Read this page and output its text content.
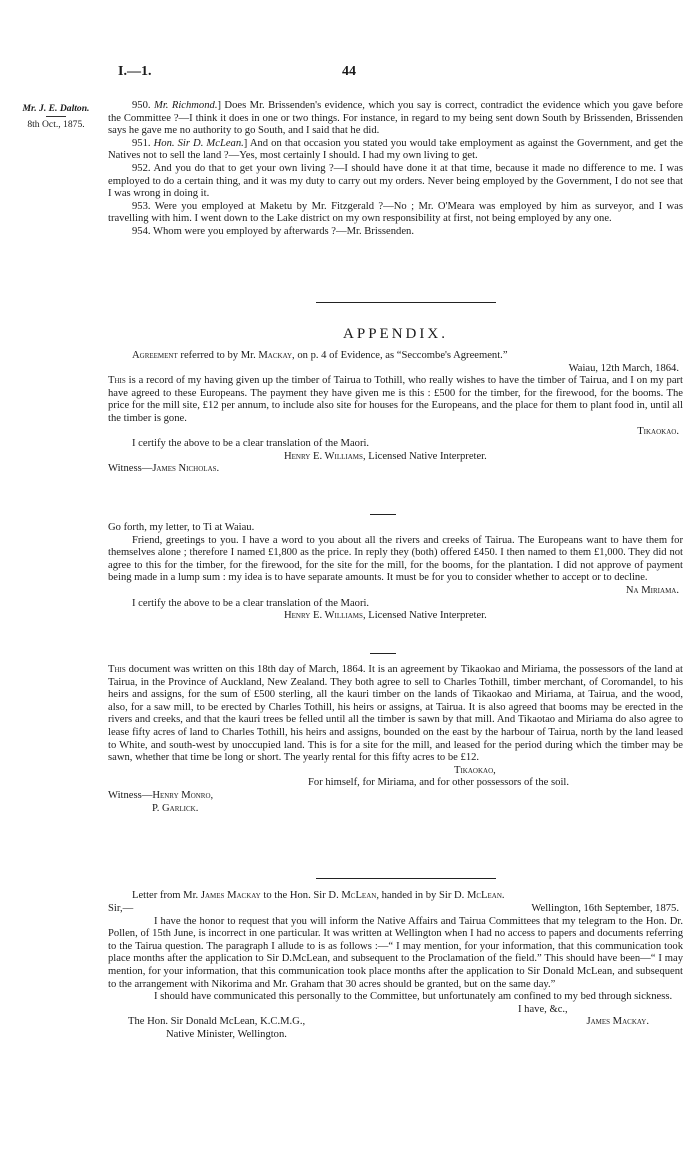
I.—1.	44
Mr. J. E. Dalton.
8th Oct., 1875.

950. Mr. Richmond.] Does Mr. Brissenden's evidence, which you say is correct, contradict the evidence which you gave before the Committee ?—I think it does in one or two things. For instance, in regard to my being sent down South by Brissenden, Brissenden says he gave me no authority to go South, and I said that he did.

951. Hon. Sir D. McLean.] And on that occasion you stated you would take employment as against the Government, and get the Natives not to sell the land ?—Yes, most certainly I should. I had my own living to get.

952. And you do that to get your own living ?—I should have done it at that time, because it made no difference to me. I was employed to do a certain thing, and it was my duty to carry out my orders. Never being employed by the Government, I do not see that I was wrong in doing it.

953. Were you employed at Maketu by Mr. Fitzgerald ?—No ; Mr. O'Meara was employed by him as surveyor, and I was travelling with him. I went down to the Lake district on my own responsibility at first, not being employed by any one.

954. Whom were you employed by afterwards ?—Mr. Brissenden.

APPENDIX.

Agreement referred to by Mr. Mackay, on p. 4 of Evidence, as “Seccombe's Agreement.”

Waiau, 12th March, 1864.

This is a record of my having given up the timber of Tairua to Tothill, who really wishes to have the timber of Tairua, and I on my part have agreed to these Europeans. The payment they have given me is this : £500 for the timber, for the firewood, for the booms. The price for the mill site, £12 per annum, to include also site for houses for the Europeans, and the place for them to plant food in, until all the timber is gone.

Tikaokao.

I certify the above to be a clear translation of the Maori.

Henry E. Williams, Licensed Native Interpreter.

Witness—James Nicholas.

Go forth, my letter, to Ti at Waiau.

Friend, greetings to you. I have a word to you about all the rivers and creeks of Tairua. The Europeans want to have them for themselves alone ; therefore I named £1,800 as the price. In reply they (both) offered £450. I then named to them £1,000. They did not agree to this for the timber, for the firewood, for the site for the mill, for the booms, for the plantation. I did not approve of payment being made in a lump sum : my idea is to have separate amounts. It must be for you to consider whether to accept or to decline.

Na Miriama.

I certify the above to be a clear translation of the Maori.

Henry E. Williams, Licensed Native Interpreter.

This document was written on this 18th day of March, 1864. It is an agreement by Tikaokao and Miriama, the possessors of the land at Tairua, in the Province of Auckland, New Zealand. They both agree to sell to Charles Tothill, timber merchant, of Coromandel, to his heirs and assigns, for the sum of £500 sterling, all the kauri timber on the lands of Tikaokao and Miriama, at Tairua, and the wood, also, for a saw mill, to be erected by Charles Tothill, his heirs or assigns, at Tairua. It is also agreed that booms may be erected in the rivers and creeks, and that the kauri trees be felled until all the timber is sawn by that mill. And Tikaotao and Miriama do also agree to lease fifty acres of land to Charles Tothill, his heirs and assigns, bounded on the east by the harbour of Tairua, north by the land leased to White, and south-west by unoccupied land. This is for a site for the mill, and leased for the period during which the timber may be sawn, whether that time be long or short. The yearly rental for this fifty acres to be £12.

Tikaokao,

For himself, for Miriama, and for other possessors of the soil.

Witness—Henry Monro,

P. Garlick.

Letter from Mr. James Mackay to the Hon. Sir D. McLean, handed in by Sir D. McLean.

Sir,—	Wellington, 16th September, 1875.

I have the honor to request that you will inform the Native Affairs and Tairua Committees that my telegram to the Hon. Dr. Pollen, of 15th June, is incorrect in one particular. It was written at Wellington when I had no access to papers and documents referring to the Tairua question. The paragraph I allude to is as follows :—“ I may mention, for your information, that this communication took place months after the application to Sir D.McLean, and subsequent to the Proclamation of the field.” This should have been—“ I may mention, for your information, that this communication took place months after the application to Sir Donald McLean, and subsequent to the arrangement with Nikorima and Mr. Graham that 30 acres should be granted, but on the same day.”

I should have communicated this personally to the Committee, but unfortunately am confined to my bed through sickness.

I have, &c.,

The Hon. Sir Donald McLean, K.C.M.G.,	James Mackay.

Native Minister, Wellington.
